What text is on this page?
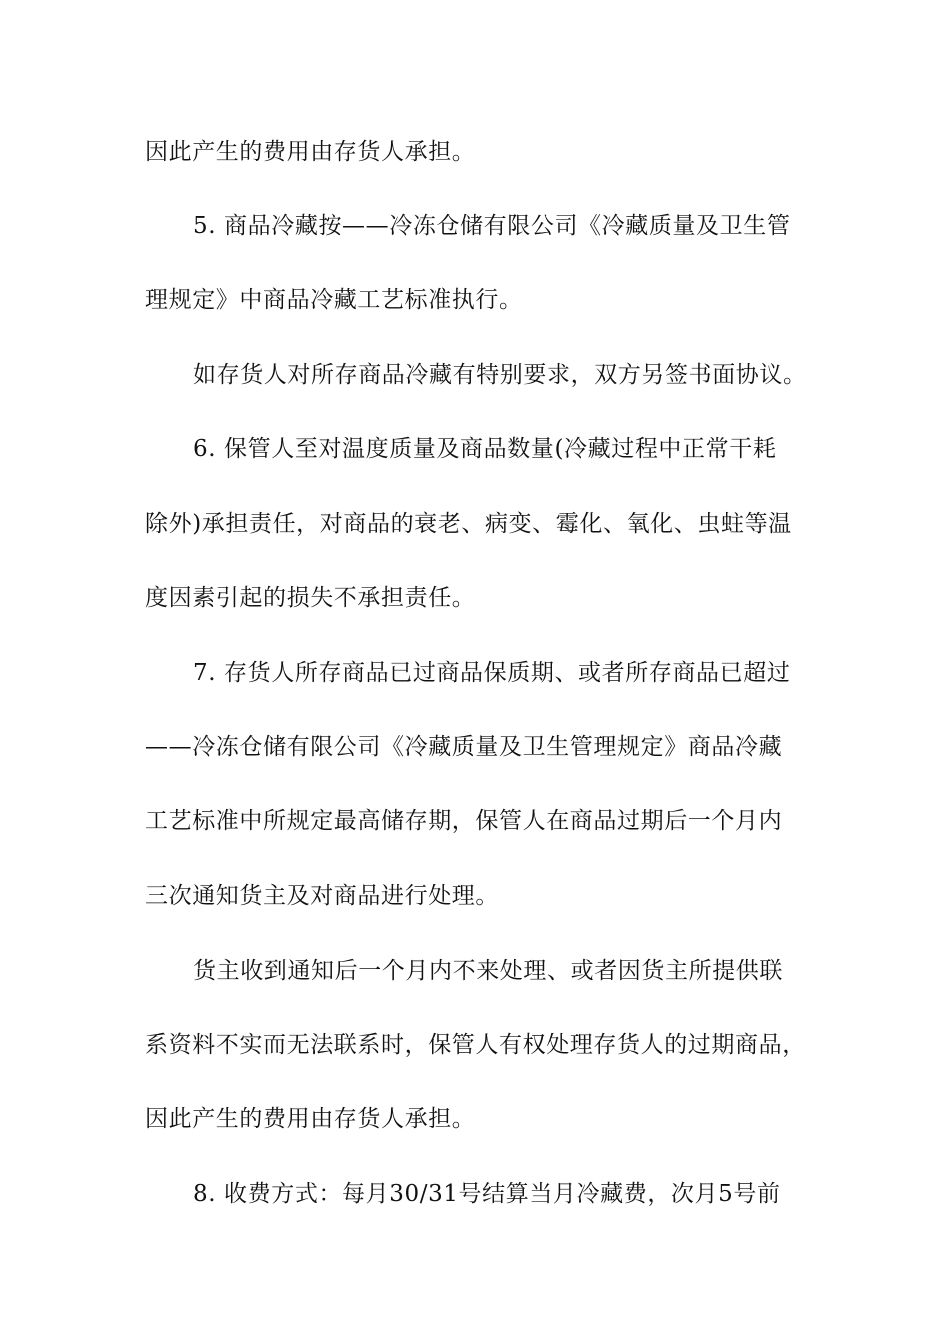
因此产生的费用由存货人承担。
5. 商品冷藏按——冷冻仓储有限公司《冷藏质量及卫生管
理规定》中商品冷藏工艺标准执行。
如存货人对所存商品冷藏有特别要求，双方另签书面协议。
6. 保管人至对温度质量及商品数量(冷藏过程中正常干耗
除外)承担责任，对商品的衰老、病变、霉化、氧化、虫蛀等温
度因素引起的损失不承担责任。
7. 存货人所存商品已过商品保质期、或者所存商品已超过
——冷冻仓储有限公司《冷藏质量及卫生管理规定》商品冷藏
工艺标准中所规定最高储存期，保管人在商品过期后一个月内
三次通知货主及对商品进行处理。
货主收到通知后一个月内不来处理、或者因货主所提供联
系资料不实而无法联系时，保管人有权处理存货人的过期商品，
因此产生的费用由存货人承担。
8. 收费方式：每月30/31号结算当月冷藏费，次月5号前
